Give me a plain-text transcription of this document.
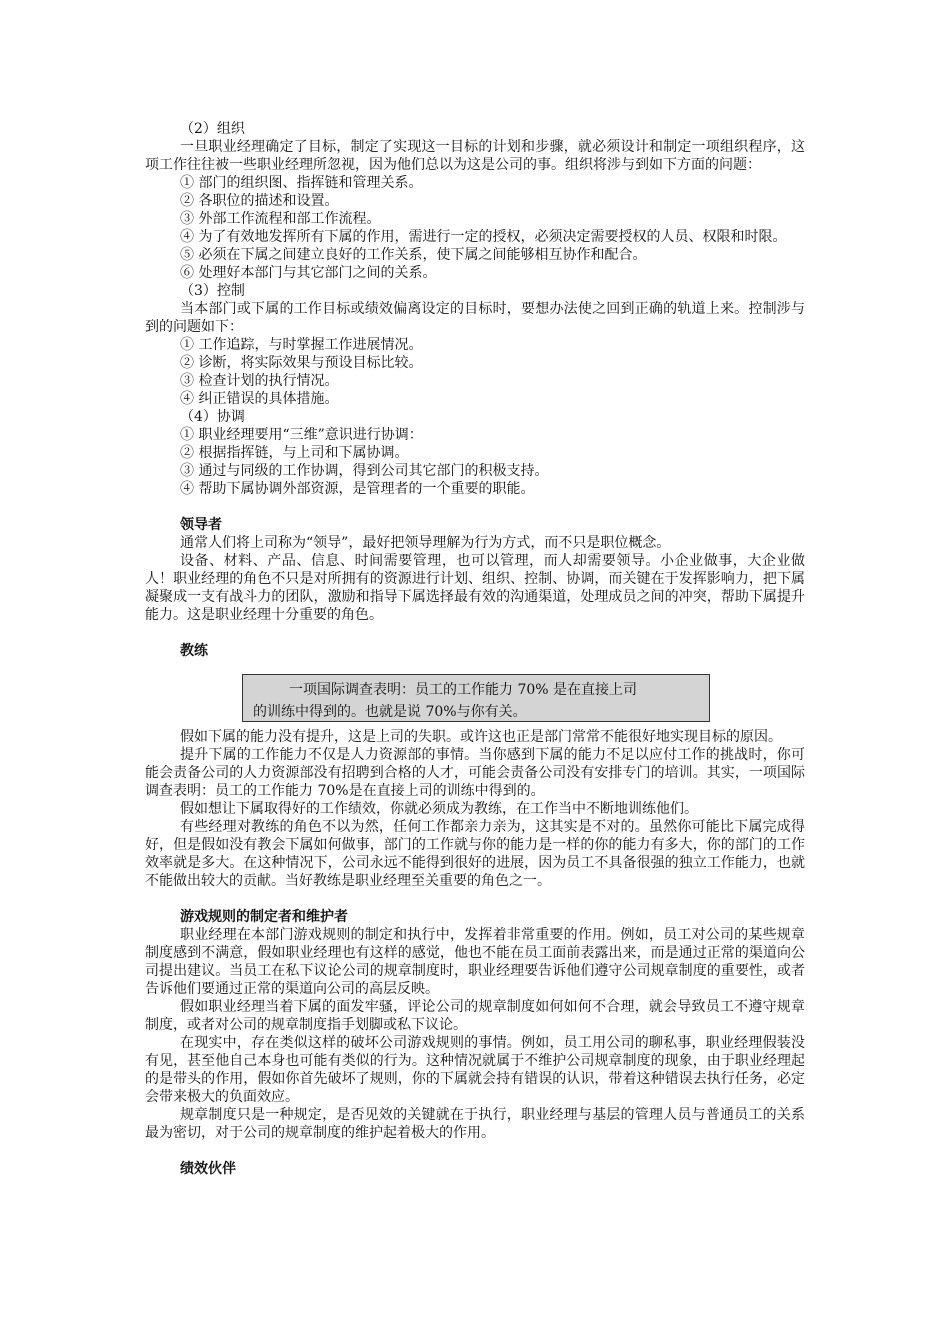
（2）组织

一旦职业经理确定了目标，制定了实现这一目标的计划和步骤，就必须设计和制定一项组织程序，这项工作往往被一些职业经理所忽视，因为他们总以为这是公司的事。组织将涉与到如下方面的问题：

① 部门的组织图、指挥链和管理关系。

② 各职位的描述和设置。

③ 外部工作流程和部工作流程。

④ 为了有效地发挥所有下属的作用，需进行一定的授权，必须决定需要授权的人员、权限和时限。

⑤ 必须在下属之间建立良好的工作关系，使下属之间能够相互协作和配合。

⑥ 处理好本部门与其它部门之间的关系。

（3）控制

当本部门或下属的工作目标或绩效偏离设定的目标时，要想办法使之回到正确的轨道上来。控制涉与到的问题如下：

① 工作追踪，与时掌握工作进展情况。

② 诊断，将实际效果与预设目标比较。

③ 检查计划的执行情况。

④ 纠正错误的具体措施。

（4）协调

① 职业经理要用“三维”意识进行协调：

② 根据指挥链，与上司和下属协调。

③ 通过与同级的工作协调，得到公司其它部门的积极支持。

④ 帮助下属协调外部资源，是管理者的一个重要的职能。

领导者

通常人们将上司称为“领导”，最好把领导理解为行为方式，而不只是职位概念。

设备、材料、产品、信息、时间需要管理，也可以管理，而人却需要领导。小企业做事，大企业做人！职业经理的角色不只是对所拥有的资源进行计划、组织、控制、协调，而关键在于发挥影响力，把下属凝聚成一支有战斗力的团队，激励和指导下属选择最有效的沟通渠道，处理成员之间的冲突，帮助下属提升能力。这是职业经理十分重要的角色。

教练

一项国际调查表明：员工的工作能力 70% 是在直接上司

的训练中得到的。也就是说 70%与你有关。

假如下属的能力没有提升，这是上司的失职。或许这也正是部门常常不能很好地实现目标的原因。

提升下属的工作能力不仅是人力资源部的事情。当你感到下属的能力不足以应付工作的挑战时，你可能会责备公司的人力资源部没有招聘到合格的人才，可能会责备公司没有安排专门的培训。其实，一项国际调查表明：员工的工作能力 70%是在直接上司的训练中得到的。

假如想让下属取得好的工作绩效，你就必须成为教练，在工作当中不断地训练他们。

有些经理对教练的角色不以为然，任何工作都亲力亲为，这其实是不对的。虽然你可能比下属完成得好，但是假如没有教会下属如何做事，部门的工作就与你的能力是一样的你的能力有多大，你的部门的工作效率就是多大。在这种情况下，公司永远不能得到很好的进展，因为员工不具备很强的独立工作能力，也就不能做出较大的贡献。当好教练是职业经理至关重要的角色之一。

游戏规则的制定者和维护者

职业经理在本部门游戏规则的制定和执行中，发挥着非常重要的作用。例如，员工对公司的某些规章制度感到不满意，假如职业经理也有这样的感觉，他也不能在员工面前表露出来，而是通过正常的渠道向公司提出建议。当员工在私下议论公司的规章制度时，职业经理要告诉他们遵守公司规章制度的重要性，或者告诉他们要通过正常的渠道向公司的高层反映。

假如职业经理当着下属的面发牢骚，评论公司的规章制度如何如何不合理，就会导致员工不遵守规章制度，或者对公司的规章制度指手划脚或私下议论。

在现实中，存在类似这样的破坏公司游戏规则的事情。例如，员工用公司的聊私事，职业经理假装没有见，甚至他自己本身也可能有类似的行为。这种情况就属于不维护公司规章制度的现象，由于职业经理起的是带头的作用，假如你首先破坏了规则，你的下属就会持有错误的认识，带着这种错误去执行任务，必定会带来极大的负面效应。

规章制度只是一种规定，是否见效的关键就在于执行，职业经理与基层的管理人员与普通员工的关系最为密切，对于公司的规章制度的维护起着极大的作用。

绩效伙伴
